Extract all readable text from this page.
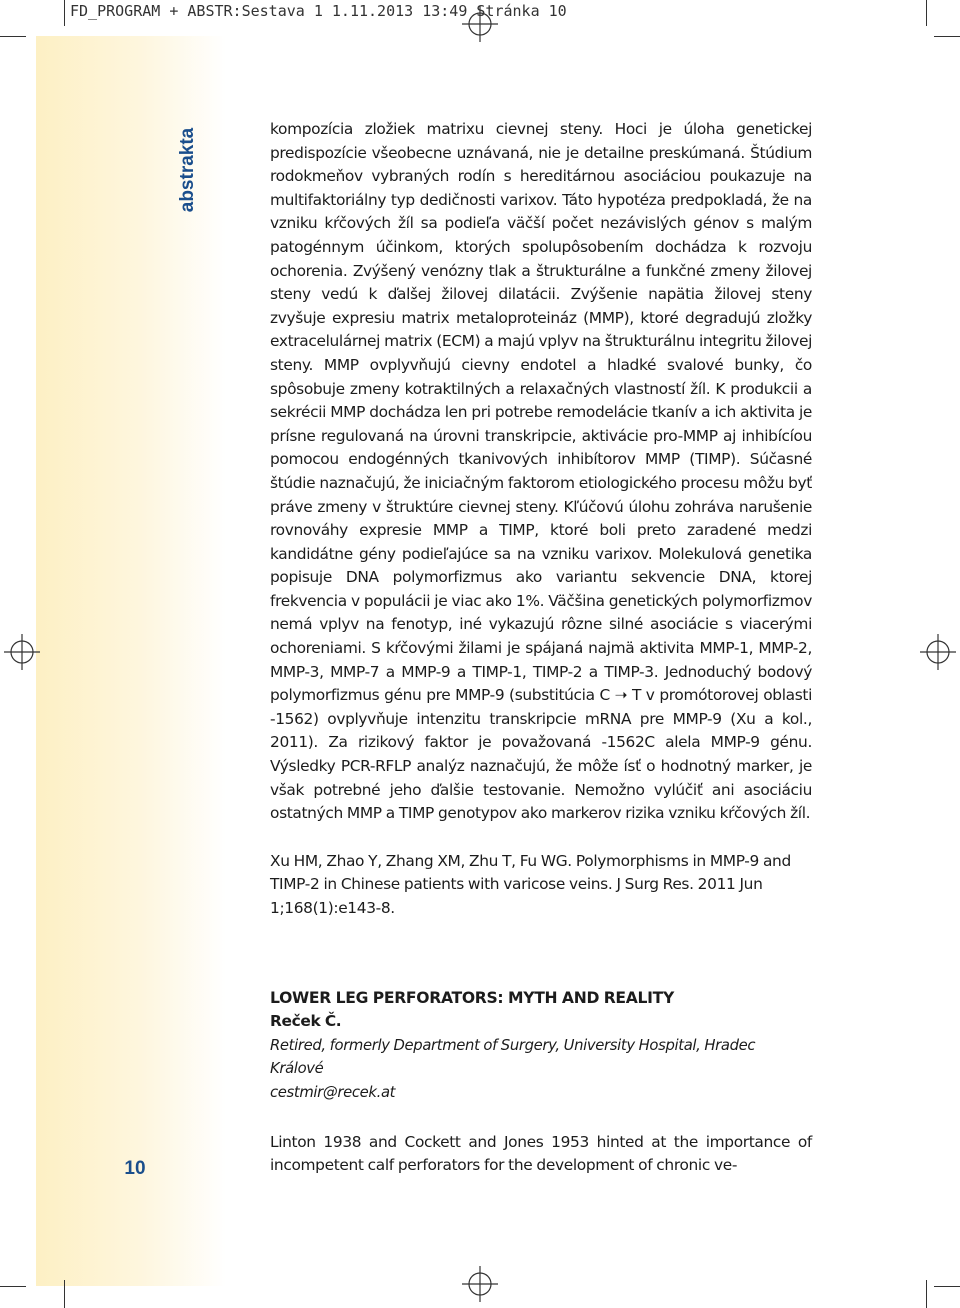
FD_PROGRAM + ABSTR:Sestava 1 1.11.2013 13:49 Stránka 10
abstrakta
10

kompozícia zložiek matrixu cievnej steny. Hoci je úloha genetickej predispozície všeobecne uznávaná, nie je detailne preskúmaná. Štúdium rodokmeňov vybraných rodín s hereditárnou asociáciou poukazuje na multifaktoriálny typ dedičnosti varixov. Táto hypotéza predpokladá, že na vzniku kŕčových žíl sa podieľa väčší počet nezávislých génov s malým patogénnym účinkom, ktorých spolupôsobením dochádza k rozvoju ochorenia. Zvýšený venózny tlak a štrukturálne a funkčné zmeny žilovej steny vedú k ďalšej žilovej dilatácii. Zvýšenie napätia žilovej steny zvyšuje expresiu matrix metaloproteináz (MMP), ktoré degradujú zložky extracelulárnej matrix (ECM) a majú vplyv na štrukturálnu integritu žilovej steny. MMP ovplyvňujú cievny endotel a hladké svalové bunky, čo spôsobuje zmeny kotraktilných a relaxačných vlastností žíl. K produkcii a sekrécii MMP dochádza len pri potrebe remodelácie tkanív a ich aktivita je prísne regulovaná na úrovni transkripcie, aktivácie pro-MMP aj inhibícíou pomocou endogénných tkanivových inhibítorov MMP (TIMP). Súčasné štúdie naznačujú, že iniciačným faktorom etiologického procesu môžu byť práve zmeny v štruktúre cievnej steny. Kľúčovú úlohu zohráva narušenie rovnováhy expresie MMP a TIMP, ktoré boli preto zaradené medzi kandidátne gény podieľajúce sa na vzniku varixov. Molekulová genetika popisuje DNA polymorfizmus ako variantu sekvencie DNA, ktorej frekvencia v populácii je viac ako 1%. Väčšina genetických polymorfizmov nemá vplyv na fenotyp, iné vykazujú rôzne silné asociácie s viacerými ochoreniami. S kŕčovými žilami je spájaná najmä aktivita MMP-1, MMP-2, MMP-3, MMP-7 a MMP-9 a TIMP-1, TIMP-2 a TIMP-3. Jednoduchý bodový polymorfizmus génu pre MMP-9 (substitúcia C ➝ T v promótorovej oblasti -1562) ovplyvňuje intenzitu transkripcie mRNA pre MMP-9 (Xu a kol., 2011). Za rizikový faktor je považovaná -1562C alela MMP-9 génu. Výsledky PCR-RFLP analýz naznačujú, že môže ísť o hodnotný marker, je však potrebné jeho ďalšie testovanie. Nemožno vylúčiť ani asociáciu ostatných MMP a TIMP genotypov ako markerov rizika vzniku kŕčových žíl.

Xu HM, Zhao Y, Zhang XM, Zhu T, Fu WG. Polymorphisms in MMP-9 and TIMP-2 in Chinese patients with varicose veins. J Surg Res. 2011 Jun 1;168(1):e143-8.

LOWER LEG PERFORATORS: MYTH AND REALITY
Reček Č.
Retired, formerly Department of Surgery, University Hospital, Hradec Králové
cestmir@recek.at

Linton 1938 and Cockett and Jones 1953 hinted at the importance of incompetent calf perforators for the development of chronic ve-
